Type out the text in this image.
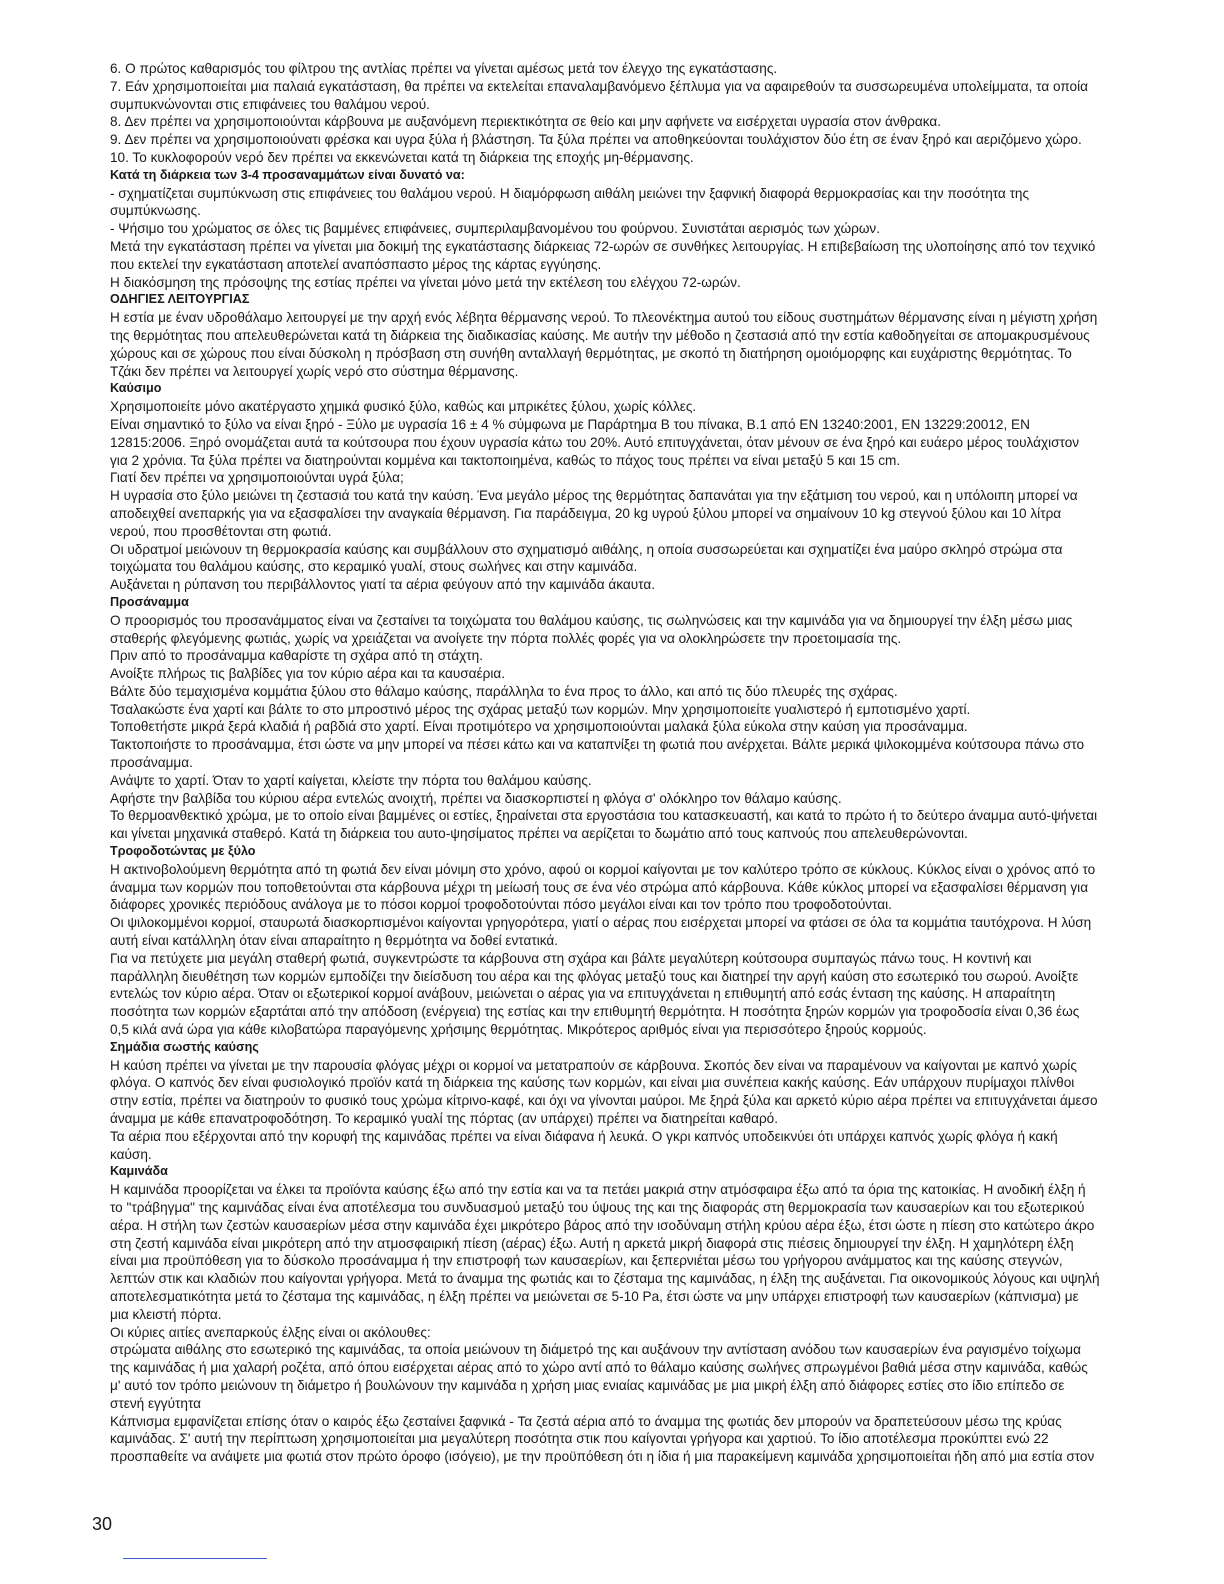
6. Ο πρώτος καθαρισμός του φίλτρου της αντλίας πρέπει να γίνεται αμέσως μετά τον έλεγχο της εγκατάστασης.

7. Εάν χρησιμοποιείται μια παλαιά εγκατάσταση, θα πρέπει να εκτελείται επαναλαμβανόμενο ξέπλυμα για να αφαιρεθούν τα συσσωρευμένα υπολείμματα, τα οποία συμπυκνώνονται στις επιφάνειες του θαλάμου νερού.

8. Δεν πρέπει να χρησιμοποιούνται κάρβουνα με αυξανόμενη περιεκτικότητα σε θείο και μην αφήνετε να εισέρχεται υγρασία στον άνθρακα.

9. Δεν πρέπει να χρησιμοποιούνατι φρέσκα και υγρα ξύλα ή βλάστηση. Τα ξύλα πρέπει να αποθηκεύονται τουλάχιστον δύο έτη σε έναν ξηρό και αεριζόμενο χώρο.

10. Το κυκλοφορούν νερό δεν πρέπει να εκκενώνεται κατά τη διάρκεια της εποχής μη-θέρμανσης.

Κατά τη διάρκεια των 3-4 προσαναμμάτων είναι δυνατό να:

- σχηματίζεται συμπύκνωση στις επιφάνειες του θαλάμου νερού. Η διαμόρφωση αιθάλη μειώνει την ξαφνική διαφορά θερμοκρασίας και την ποσότητα της συμπύκνωσης.

- Ψήσιμο του χρώματος σε όλες τις βαμμένες επιφάνειες, συμπεριλαμβανομένου του φούρνου. Συνιστάται αερισμός των χώρων.

Μετά την εγκατάσταση πρέπει να γίνεται μια δοκιμή της εγκατάστασης διάρκειας 72-ωρών σε συνθήκες λειτουργίας. Η επιβεβαίωση της υλοποίησης από τον τεχνικό που εκτελεί την εγκατάσταση αποτελεί αναπόσπαστο μέρος της κάρτας εγγύησης.

Η διακόσμηση της πρόσοψης της εστίας πρέπει να γίνεται μόνο μετά την εκτέλεση του ελέγχου 72-ωρών.

ΟΔΗΓΙΕΣ ΛΕΙΤΟΥΡΓΙΑΣ

Η εστία με έναν υδροθάλαμο λειτουργεί με την αρχή ενός λέβητα θέρμανσης νερού. Το πλεονέκτημα αυτού του είδους συστημάτων θέρμανσης είναι η μέγιστη χρήση της θερμότητας που απελευθερώνεται κατά τη διάρκεια της διαδικασίας καύσης. Με αυτήν την μέθοδο η ζεστασιά από την εστία καθοδηγείται σε απομακρυσμένους χώρους και σε χώρους που είναι δύσκολη η πρόσβαση στη συνήθη ανταλλαγή θερμότητας, με σκοπό τη διατήρηση ομοιόμορφης και ευχάριστης θερμότητας. Το Τζάκι δεν πρέπει να λειτουργεί χωρίς νερό στο σύστημα θέρμανσης.

Καύσιμο

Χρησιμοποιείτε μόνο ακατέργαστο χημικά φυσικό ξύλο, καθώς και μπρικέτες ξύλου, χωρίς κόλλες.

Είναι σημαντικό το ξύλο να είναι ξηρό - Ξύλο με υγρασία 16 ± 4 % σύμφωνα με Παράρτημα Β του πίνακα, Β.1 από EN 13240:2001, EN 13229:20012, EN 12815:2006. Ξηρό ονομάζεται αυτά τα κούτσουρα που έχουν υγρασία κάτω του 20%. Αυτό επιτυγχάνεται, όταν μένουν σε ένα ξηρό και ευάερο μέρος τουλάχιστον για 2 χρόνια. Τα ξύλα πρέπει να διατηρούνται κομμένα και τακτοποιημένα, καθώς το πάχος τους πρέπει να είναι μεταξύ 5 και 15 cm.

Γιατί δεν πρέπει να χρησιμοποιούνται υγρά ξύλα;

Η υγρασία στο ξύλο μειώνει τη ζεστασιά του κατά την καύση. Ένα μεγάλο μέρος της θερμότητας δαπανάται για την εξάτμιση του νερού, και η υπόλοιπη μπορεί να αποδειχθεί ανεπαρκής για να εξασφαλίσει την αναγκαία θέρμανση. Για παράδειγμα, 20 kg υγρού ξύλου μπορεί να σημαίνουν 10 kg στεγνού ξύλου και 10 λίτρα νερού, που προσθέτονται στη φωτιά.

Οι υδρατμοί μειώνουν τη θερμοκρασία καύσης και συμβάλλουν στο σχηματισμό αιθάλης, η οποία συσσωρεύεται και σχηματίζει ένα μαύρο σκληρό στρώμα στα τοιχώματα του θαλάμου καύσης, στο κεραμικό γυαλί, στους σωλήνες και στην καμινάδα.

Αυξάνεται η ρύπανση του περιβάλλοντος γιατί τα αέρια φεύγουν από την καμινάδα άκαυτα.

Προσάναμμα

Ο προορισμός του προσανάμματος είναι να ζεσταίνει τα τοιχώματα του θαλάμου καύσης, τις σωληνώσεις και την καμινάδα για να δημιουργεί την έλξη μέσω μιας σταθερής φλεγόμενης φωτιάς, χωρίς να χρειάζεται να ανοίγετε την πόρτα πολλές φορές για να ολοκληρώσετε την προετοιμασία της.

Πριν από το προσάναμμα καθαρίστε τη σχάρα από τη στάχτη.

Ανοίξτε πλήρως τις βαλβίδες για τον κύριο αέρα και τα καυσαέρια.

Βάλτε δύο τεμαχισμένα κομμάτια ξύλου στο θάλαμο καύσης, παράλληλα το ένα προς το άλλο, και από τις δύο πλευρές της σχάρας.

Τσαλακώστε ένα χαρτί και βάλτε το στο μπροστινό μέρος της σχάρας μεταξύ των κορμών. Μην χρησιμοποιείτε γυαλιστερό ή εμποτισμένο χαρτί.

Τοποθετήστε μικρά ξερά κλαδιά ή ραβδιά στο χαρτί. Είναι προτιμότερο να χρησιμοποιούνται μαλακά ξύλα εύκολα στην καύση για προσάναμμα.

Τακτοποιήστε το προσάναμμα, έτσι ώστε να μην μπορεί να πέσει κάτω και να καταπνίξει τη φωτιά που ανέρχεται. Βάλτε μερικά ψιλοκομμένα κούτσουρα πάνω στο προσάναμμα.

Ανάψτε το χαρτί. Όταν το χαρτί καίγεται, κλείστε την πόρτα του θαλάμου καύσης.

Αφήστε την βαλβίδα του κύριου αέρα εντελώς ανοιχτή, πρέπει να διασκορπιστεί η φλόγα σ' ολόκληρο τον θάλαμο καύσης.

Το θερμοανθεκτικό χρώμα, με το οποίο είναι βαμμένες οι εστίες, ξηραίνεται στα εργοστάσια του κατασκευαστή, και κατά το πρώτο ή το δεύτερο άναμμα αυτό-ψήνεται και γίνεται μηχανικά σταθερό. Κατά τη διάρκεια του αυτο-ψησίματος πρέπει να αερίζεται το δωμάτιο από τους καπνούς που απελευθερώνονται.

Τροφοδοτώντας με ξύλο

Η ακτινοβολούμενη θερμότητα από τη φωτιά δεν είναι μόνιμη στο χρόνο, αφού οι κορμοί καίγονται με τον καλύτερο τρόπο σε κύκλους. Κύκλος είναι ο χρόνος από το άναμμα των κορμών που τοποθετούνται στα κάρβουνα μέχρι τη μείωσή τους σε ένα νέο στρώμα από κάρβουνα. Κάθε κύκλος μπορεί να εξασφαλίσει θέρμανση για διάφορες χρονικές περιόδους ανάλογα με το πόσοι κορμοί τροφοδοτούνται πόσο μεγάλοι είναι και τον τρόπο που τροφοδοτούνται.

Οι ψιλοκομμένοι κορμοί, σταυρωτά διασκορπισμένοι καίγονται γρηγορότερα, γιατί ο αέρας που εισέρχεται μπορεί να φτάσει σε όλα τα κομμάτια ταυτόχρονα. Η λύση αυτή είναι κατάλληλη όταν είναι απαραίτητο η θερμότητα να δοθεί εντατικά.

Για να πετύχετε μια μεγάλη σταθερή φωτιά, συγκεντρώστε τα κάρβουνα στη σχάρα και βάλτε μεγαλύτερη κούτσουρα συμπαγώς πάνω τους. Η κοντινή και παράλληλη διευθέτηση των κορμών εμποδίζει την διείσδυση του αέρα και της φλόγας μεταξύ τους και διατηρεί την αργή καύση στο εσωτερικό του σωρού. Ανοίξτε εντελώς τον κύριο αέρα. Όταν οι εξωτερικοί κορμοί ανάβουν, μειώνεται ο αέρας για να επιτυγχάνεται η επιθυμητή από εσάς ένταση της καύσης. Η απαραίτητη ποσότητα των κορμών εξαρτάται από την απόδοση (ενέργεια) της εστίας και την επιθυμητή θερμότητα. Η ποσότητα ξηρών κορμών για τροφοδοσία είναι 0,36 έως 0,5 κιλά ανά ώρα για κάθε κιλοβατώρα παραγόμενης χρήσιμης θερμότητας. Μικρότερος αριθμός είναι για περισσότερο ξηρούς κορμούς.

Σημάδια σωστής καύσης

Η καύση πρέπει να γίνεται με την παρουσία φλόγας μέχρι οι κορμοί να μετατραπούν σε κάρβουνα. Σκοπός δεν είναι να παραμένουν να καίγονται με καπνό χωρίς φλόγα. Ο καπνός δεν είναι φυσιολογικό προϊόν κατά τη διάρκεια της καύσης των κορμών, και είναι μια συνέπεια κακής καύσης. Εάν υπάρχουν πυρίμαχοι πλίνθοι στην εστία, πρέπει να διατηρούν το φυσικό τους χρώμα κίτρινο-καφέ, και όχι να γίνονται μαύροι. Με ξηρά ξύλα και αρκετό κύριο αέρα πρέπει να επιτυγχάνεται άμεσο άναμμα με κάθε επανατροφοδότηση. Το κεραμικό γυαλί της πόρτας (αν υπάρχει) πρέπει να διατηρείται καθαρό.

Τα αέρια που εξέρχονται από την κορυφή της καμινάδας πρέπει να είναι διάφανα ή λευκά. Ο γκρι καπνός υποδεικνύει ότι υπάρχει καπνός χωρίς φλόγα ή κακή καύση.

Καμινάδα

Η καμινάδα προορίζεται να έλκει τα προϊόντα καύσης έξω από την εστία και να τα πετάει μακριά στην ατμόσφαιρα έξω από τα όρια της κατοικίας. Η ανοδική έλξη ή το "τράβηγμα" της καμινάδας είναι ένα αποτέλεσμα του συνδυασμού μεταξύ του ύψους της και της διαφοράς στη θερμοκρασία των καυσαερίων και του εξωτερικού αέρα. Η στήλη των ζεστών καυσαερίων μέσα στην καμινάδα έχει μικρότερο βάρος από την ισοδύναμη στήλη κρύου αέρα έξω, έτσι ώστε η πίεση στο κατώτερο άκρο στη ζεστή καμινάδα είναι μικρότερη από την ατμοσφαιρική πίεση (αέρας) έξω. Αυτή η αρκετά μικρή διαφορά στις πιέσεις δημιουργεί την έλξη. Η χαμηλότερη έλξη είναι μια προϋπόθεση για το δύσκολο προσάναμμα ή την επιστροφή των καυσαερίων, και ξεπερνιέται μέσω του γρήγορου ανάμματος και της καύσης στεγνών, λεπτών στικ και κλαδιών που καίγονται γρήγορα. Μετά το άναμμα της φωτιάς και το ζέσταμα της καμινάδας, η έλξη της αυξάνεται. Για οικονομικούς λόγους και υψηλή αποτελεσματικότητα μετά το ζέσταμα της καμινάδας, η έλξη πρέπει να μειώνεται σε 5-10 Pa, έτσι ώστε να μην υπάρχει επιστροφή των καυσαερίων (κάπνισμα) με μια κλειστή πόρτα.

Οι κύριες αιτίες ανεπαρκούς έλξης είναι οι ακόλουθες:

στρώματα αιθάλης στο εσωτερικό της καμινάδας, τα οποία μειώνουν τη διάμετρό της και αυξάνουν την αντίσταση ανόδου των καυσαερίων ένα ραγισμένο τοίχωμα της καμινάδας ή μια χαλαρή ροζέτα, από όπου εισέρχεται αέρας από το χώρο αντί από το θάλαμο καύσης σωλήνες σπρωγμένοι βαθιά μέσα στην καμινάδα, καθώς μ' αυτό τον τρόπο μειώνουν τη διάμετρο ή βουλώνουν την καμινάδα η χρήση μιας ενιαίας καμινάδας με μια μικρή έλξη από διάφορες εστίες στο ίδιο επίπεδο σε στενή εγγύτητα

Κάπνισμα εμφανίζεται επίσης όταν ο καιρός έξω ζεσταίνει ξαφνικά - Τα ζεστά αέρια από το άναμμα της φωτιάς δεν μπορούν να δραπετεύσουν μέσω της κρύας καμινάδας. Σ' αυτή την περίπτωση χρησιμοποιείται μια μεγαλύτερη ποσότητα στικ που καίγονται γρήγορα και χαρτιού. Το ίδιο αποτέλεσμα προκύπτει ενώ 22 προσπαθείτε να ανάψετε μια φωτιά στον πρώτο όροφο (ισόγειο), με την προϋπόθεση ότι η ίδια ή μια παρακείμενη καμινάδα χρησιμοποιείται ήδη από μια εστία στον

30
